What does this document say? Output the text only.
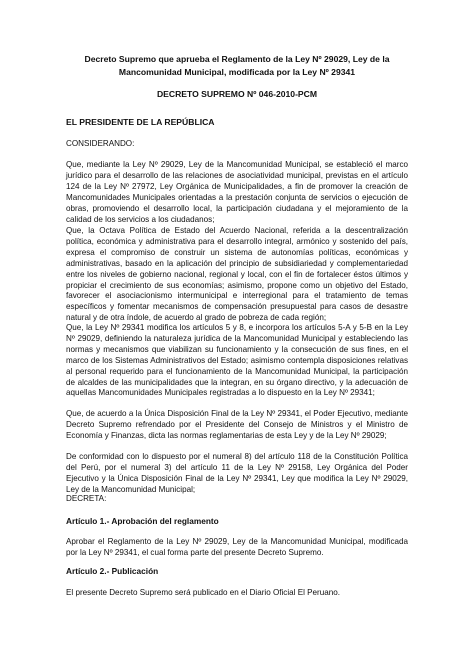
Decreto Supremo que aprueba el Reglamento de la Ley Nº 29029, Ley de la Mancomunidad Municipal, modificada por la Ley Nº 29341
DECRETO SUPREMO Nº 046-2010-PCM
EL PRESIDENTE DE LA REPÚBLICA
CONSIDERANDO:
Que, mediante la Ley Nº 29029, Ley de la Mancomunidad Municipal, se estableció el marco jurídico para el desarrollo de las relaciones de asociatividad municipal, previstas en el artículo 124 de la Ley Nº 27972, Ley Orgánica de Municipalidades, a fin de promover la creación de Mancomunidades Municipales orientadas a la prestación conjunta de servicios o ejecución de obras, promoviendo el desarrollo local, la participación ciudadana y el mejoramiento de la calidad de los servicios a los ciudadanos;
Que, la Octava Política de Estado del Acuerdo Nacional, referida a la descentralización política, económica y administrativa para el desarrollo integral, armónico y sostenido del país, expresa el compromiso de construir un sistema de autonomías políticas, económicas y administrativas, basado en la aplicación del principio de subsidiariedad y complementariedad entre los niveles de gobierno nacional, regional y local, con el fin de fortalecer éstos últimos y propiciar el crecimiento de sus economías; asimismo, propone como un objetivo del Estado, favorecer el asociacionismo intermunicipal e interregional para el tratamiento de temas específicos y fomentar mecanismos de compensación presupuestal para casos de desastre natural y de otra índole, de acuerdo al grado de pobreza de cada región;
Que, la Ley Nº 29341 modifica los artículos 5 y 8, e incorpora los artículos 5-A y 5-B en la Ley Nº 29029, definiendo la naturaleza jurídica de la Mancomunidad Municipal y estableciendo las normas y mecanismos que viabilizan su funcionamiento y la consecución de sus fines, en el marco de los Sistemas Administrativos del Estado; asimismo contempla disposiciones relativas al personal requerido para el funcionamiento de la Mancomunidad Municipal, la participación de alcaldes de las municipalidades que la integran, en su órgano directivo, y la adecuación de aquellas Mancomunidades Municipales registradas a lo dispuesto en la Ley Nº 29341;
Que, de acuerdo a la Única Disposición Final de la Ley Nº 29341, el Poder Ejecutivo, mediante Decreto Supremo refrendado por el Presidente del Consejo de Ministros y el Ministro de Economía y Finanzas, dicta las normas reglamentarias de esta Ley y de la Ley Nº 29029;
De conformidad con lo dispuesto por el numeral 8) del artículo 118 de la Constitución Política del Perú, por el numeral 3) del artículo 11 de la Ley Nº 29158, Ley Orgánica del Poder Ejecutivo y la Única Disposición Final de la Ley Nº 29341, Ley que modifica la Ley Nº 29029, Ley de la Mancomunidad Municipal;
DECRETA:
Artículo 1.- Aprobación del reglamento
Aprobar el Reglamento de la Ley Nº 29029, Ley de la Mancomunidad Municipal, modificada por la Ley Nº 29341, el cual forma parte del presente Decreto Supremo.
Artículo 2.- Publicación
El presente Decreto Supremo será publicado en el Diario Oficial El Peruano.
